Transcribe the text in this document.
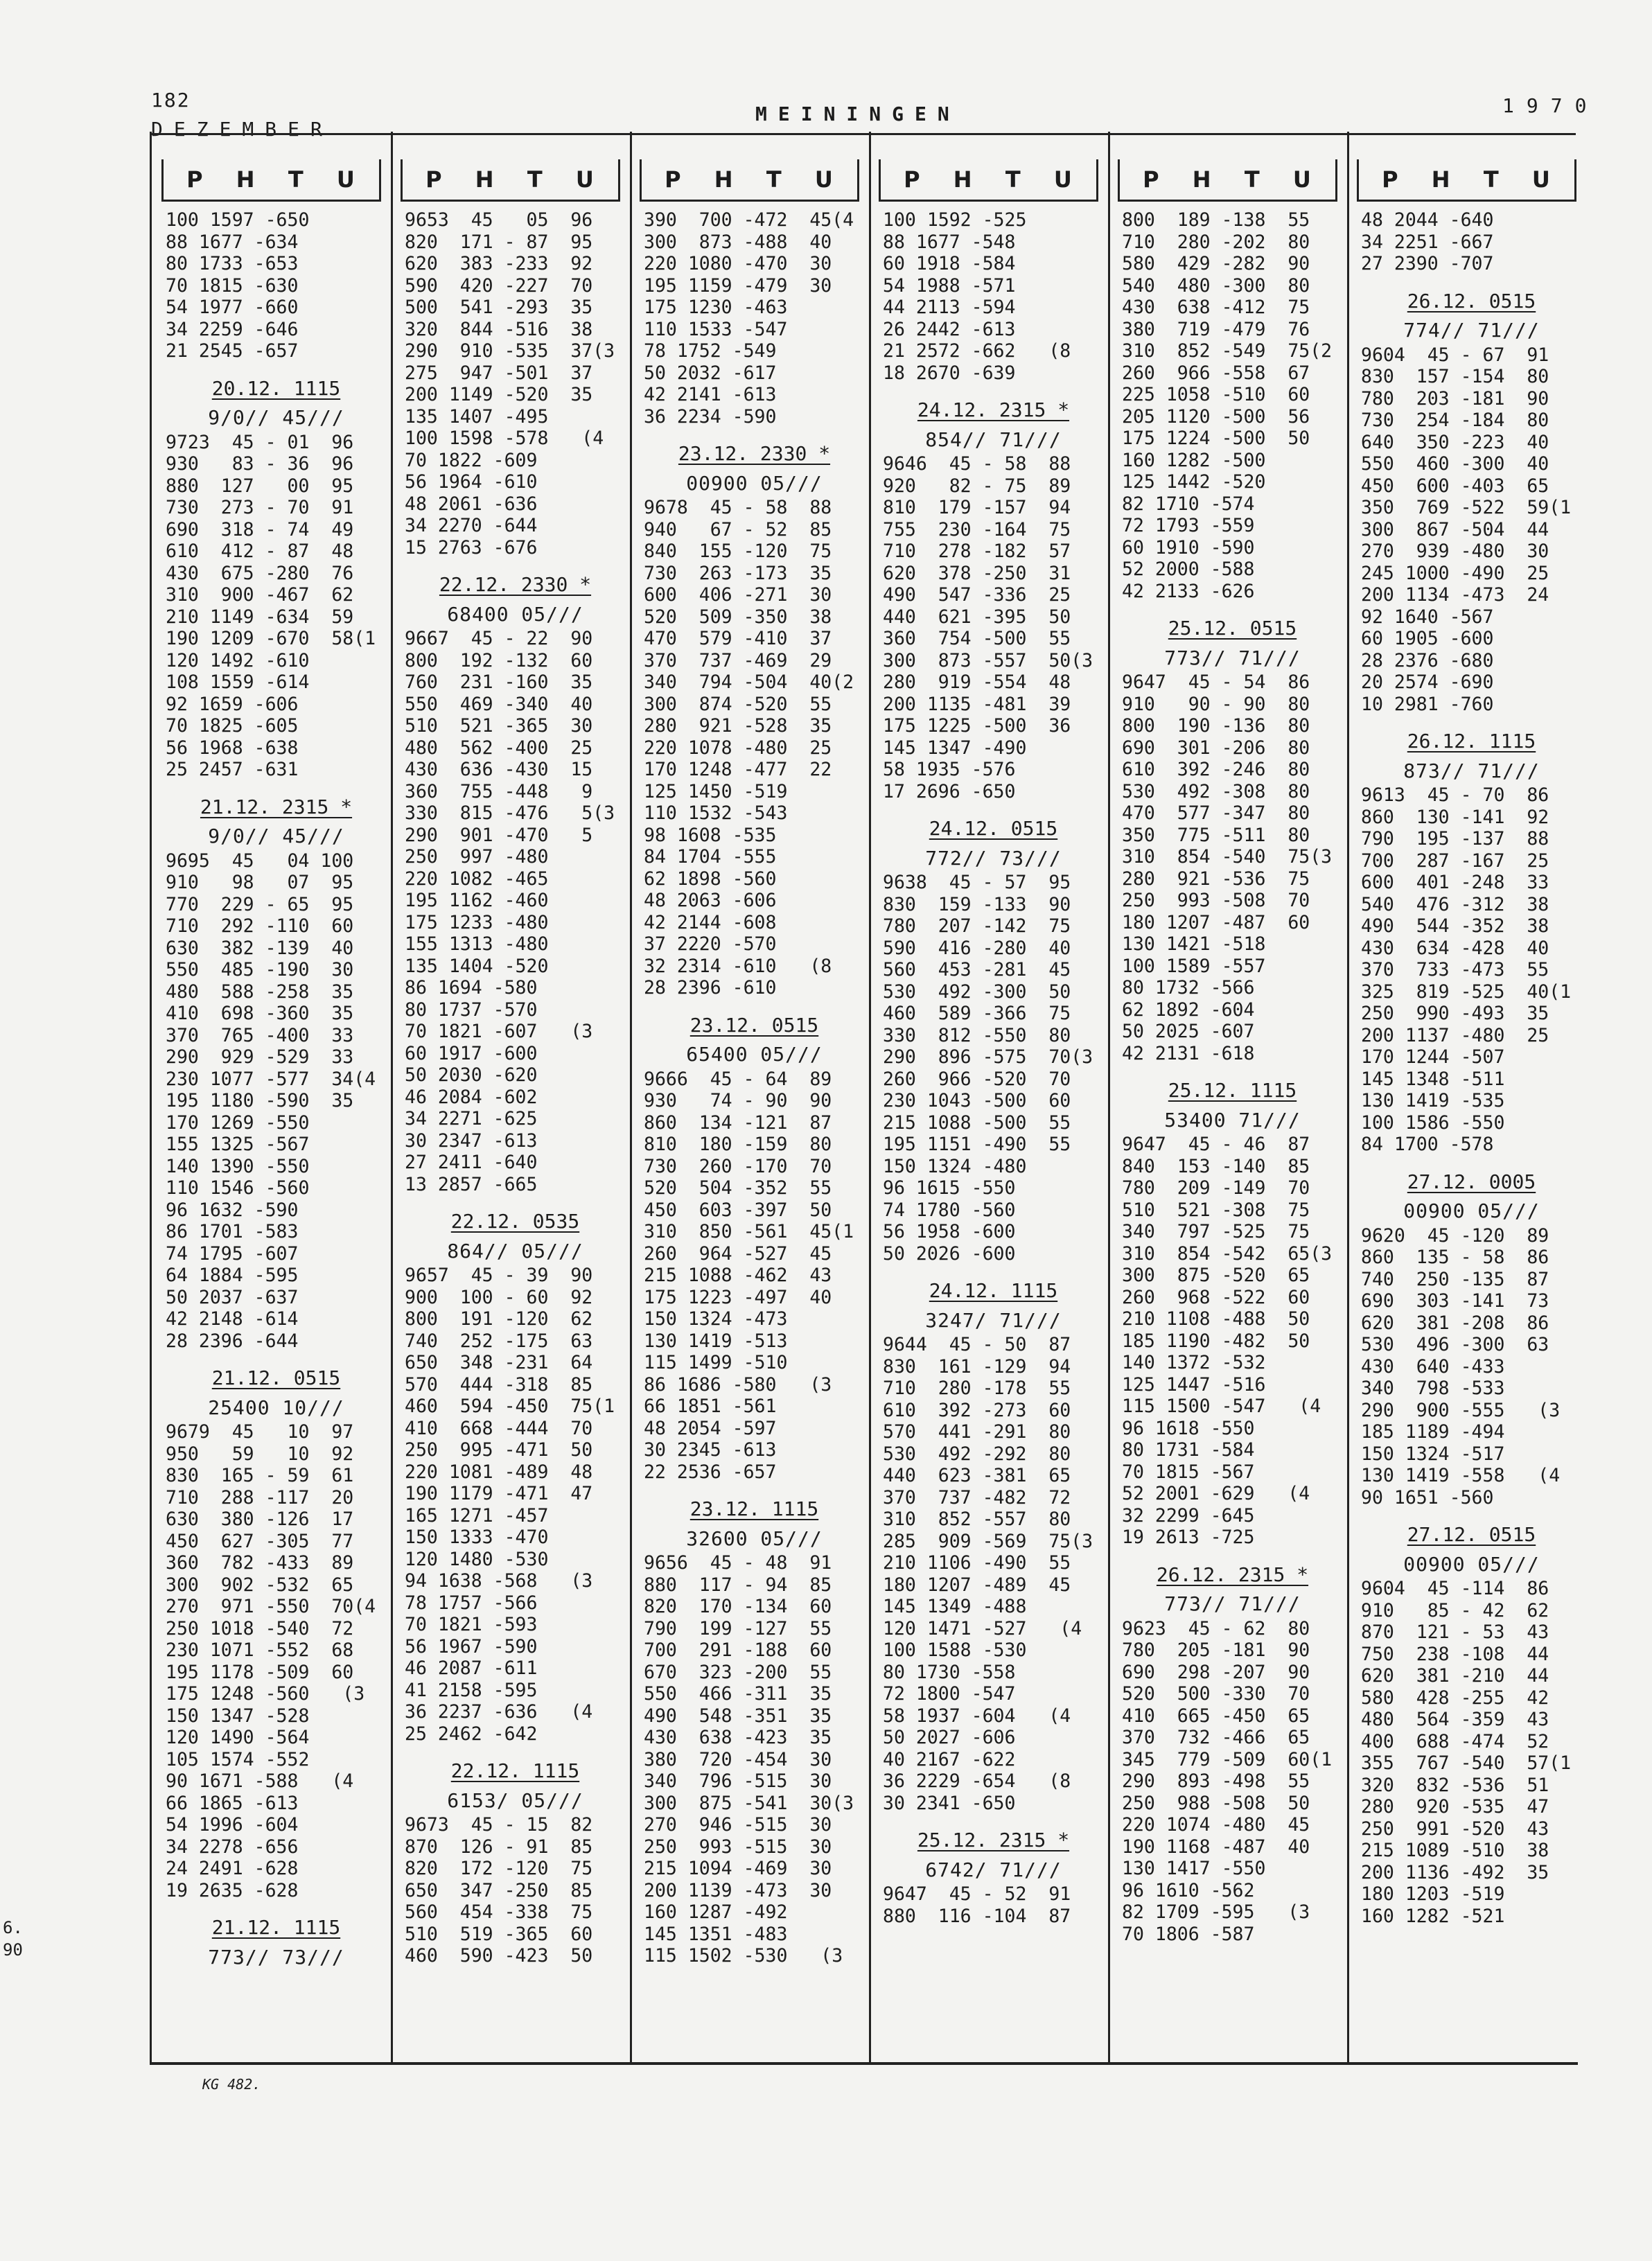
182
DEZEMBER
MEININGEN	1970
6.
90
P H T U
100 1597 -650
88 1677 -634
80 1733 -653
70 1815 -630
54 1977 -660
34 2259 -646
21 2545 -657
20.12. 1115
9/0// 45///
9723  45 - 01  96
930   83 - 36  96
880  127   00  95
730  273 - 70  91
690  318 - 74  49
610  412 - 87  48
430  675 -280  76
310  900 -467  62
210 1149 -634  59
190 1209 -670  58(1
120 1492 -610
108 1559 -614
92 1659 -606
70 1825 -605
56 1968 -638
25 2457 -631
21.12. 2315 *
9/0// 45///
9695  45   04 100
910   98   07  95
770  229 - 65  95
710  292 -110  60
630  382 -139  40
550  485 -190  30
480  588 -258  35
410  698 -360  35
370  765 -400  33
290  929 -529  33
230 1077 -577  34(4
195 1180 -590  35
170 1269 -550
155 1325 -567
140 1390 -550
110 1546 -560
96 1632 -590
86 1701 -583
74 1795 -607
64 1884 -595
50 2037 -637
42 2148 -614
28 2396 -644
21.12. 0515
25400 10///
9679  45   10  97
950   59   10  92
830  165 - 59  61
710  288 -117  20
630  380 -126  17
450  627 -305  77
360  782 -433  89
300  902 -532  65
270  971 -550  70(4
250 1018 -540  72
230 1071 -552  68
195 1178 -509  60
175 1248 -560   (3
150 1347 -528
120 1490 -564
105 1574 -552
90 1671 -588   (4
66 1865 -613
54 1996 -604
34 2278 -656
24 2491 -628
19 2635 -628
21.12. 1115
773// 73///
P H T U
9653  45   05  96
820  171 - 87  95
620  383 -233  92
590  420 -227  70
500  541 -293  35
320  844 -516  38
290  910 -535  37(3
275  947 -501  37
200 1149 -520  35
135 1407 -495
100 1598 -578   (4
70 1822 -609
56 1964 -610
48 2061 -636
34 2270 -644
15 2763 -676
22.12. 2330 *
68400 05///
9667  45 - 22  90
800  192 -132  60
760  231 -160  35
550  469 -340  40
510  521 -365  30
480  562 -400  25
430  636 -430  15
360  755 -448   9
330  815 -476   5(3
290  901 -470   5
250  997 -480
220 1082 -465
195 1162 -460
175 1233 -480
155 1313 -480
135 1404 -520
86 1694 -580
80 1737 -570
70 1821 -607   (3
60 1917 -600
50 2030 -620
46 2084 -602
34 2271 -625
30 2347 -613
27 2411 -640
13 2857 -665
22.12. 0535
864// 05///
9657  45 - 39  90
900  100 - 60  92
800  191 -120  62
740  252 -175  63
650  348 -231  64
570  444 -318  85
460  594 -450  75(1
410  668 -444  70
250  995 -471  50
220 1081 -489  48
190 1179 -471  47
165 1271 -457
150 1333 -470
120 1480 -530
94 1638 -568   (3
78 1757 -566
70 1821 -593
56 1967 -590
46 2087 -611
41 2158 -595
36 2237 -636   (4
25 2462 -642
22.12. 1115
6153/ 05///
9673  45 - 15  82
870  126 - 91  85
820  172 -120  75
650  347 -250  85
560  454 -338  75
510  519 -365  60
460  590 -423  50
P H T U
390  700 -472  45(4
300  873 -488  40
220 1080 -470  30
195 1159 -479  30
175 1230 -463
110 1533 -547
78 1752 -549
50 2032 -617
42 2141 -613
36 2234 -590
23.12. 2330 *
00900 05///
9678  45 - 58  88
940   67 - 52  85
840  155 -120  75
730  263 -173  35
600  406 -271  30
520  509 -350  38
470  579 -410  37
370  737 -469  29
340  794 -504  40(2
300  874 -520  55
280  921 -528  35
220 1078 -480  25
170 1248 -477  22
125 1450 -519
110 1532 -543
98 1608 -535
84 1704 -555
62 1898 -560
48 2063 -606
42 2144 -608
37 2220 -570
32 2314 -610   (8
28 2396 -610
23.12. 0515
65400 05///
9666  45 - 64  89
930   74 - 90  90
860  134 -121  87
810  180 -159  80
730  260 -170  70
520  504 -352  55
450  603 -397  50
310  850 -561  45(1
260  964 -527  45
215 1088 -462  43
175 1223 -497  40
150 1324 -473
130 1419 -513
115 1499 -510
86 1686 -580   (3
66 1851 -561
48 2054 -597
30 2345 -613
22 2536 -657
23.12. 1115
32600 05///
9656  45 - 48  91
880  117 - 94  85
820  170 -134  60
790  199 -127  55
700  291 -188  60
670  323 -200  55
550  466 -311  35
490  548 -351  35
430  638 -423  35
380  720 -454  30
340  796 -515  30
300  875 -541  30(3
270  946 -515  30
250  993 -515  30
215 1094 -469  30
200 1139 -473  30
160 1287 -492
145 1351 -483
115 1502 -530   (3
P H T U
100 1592 -525
88 1677 -548
60 1918 -584
54 1988 -571
44 2113 -594
26 2442 -613
21 2572 -662   (8
18 2670 -639
24.12. 2315 *
854// 71///
9646  45 - 58  88
920   82 - 75  89
810  179 -157  94
755  230 -164  75
710  278 -182  57
620  378 -250  31
490  547 -336  25
440  621 -395  50
360  754 -500  55
300  873 -557  50(3
280  919 -554  48
200 1135 -481  39
175 1225 -500  36
145 1347 -490
58 1935 -576
17 2696 -650
24.12. 0515
772// 73///
9638  45 - 57  95
830  159 -133  90
780  207 -142  75
590  416 -280  40
560  453 -281  45
530  492 -300  50
460  589 -366  75
330  812 -550  80
290  896 -575  70(3
260  966 -520  70
230 1043 -500  60
215 1088 -500  55
195 1151 -490  55
150 1324 -480
96 1615 -550
74 1780 -560
56 1958 -600
50 2026 -600
24.12. 1115
3247/ 71///
9644  45 - 50  87
830  161 -129  94
710  280 -178  55
610  392 -273  60
570  441 -291  80
530  492 -292  80
440  623 -381  65
370  737 -482  72
310  852 -557  80
285  909 -569  75(3
210 1106 -490  55
180 1207 -489  45
145 1349 -488
120 1471 -527   (4
100 1588 -530
80 1730 -558
72 1800 -547
58 1937 -604   (4
50 2027 -606
40 2167 -622
36 2229 -654   (8
30 2341 -650
25.12. 2315 *
6742/ 71///
9647  45 - 52  91
880  116 -104  87
P H T U
800  189 -138  55
710  280 -202  80
580  429 -282  90
540  480 -300  80
430  638 -412  75
380  719 -479  76
310  852 -549  75(2
260  966 -558  67
225 1058 -510  60
205 1120 -500  56
175 1224 -500  50
160 1282 -500
125 1442 -520
82 1710 -574
72 1793 -559
60 1910 -590
52 2000 -588
42 2133 -626
25.12. 0515
773// 71///
9647  45 - 54  86
910   90 - 90  80
800  190 -136  80
690  301 -206  80
610  392 -246  80
530  492 -308  80
470  577 -347  80
350  775 -511  80
310  854 -540  75(3
280  921 -536  75
250  993 -508  70
180 1207 -487  60
130 1421 -518
100 1589 -557
80 1732 -566
62 1892 -604
50 2025 -607
42 2131 -618
25.12. 1115
53400 71///
9647  45 - 46  87
840  153 -140  85
780  209 -149  70
510  521 -308  75
340  797 -525  75
310  854 -542  65(3
300  875 -520  65
260  968 -522  60
210 1108 -488  50
185 1190 -482  50
140 1372 -532
125 1447 -516
115 1500 -547   (4
96 1618 -550
80 1731 -584
70 1815 -567
52 2001 -629   (4
32 2299 -645
19 2613 -725
26.12. 2315 *
773// 71///
9623  45 - 62  80
780  205 -181  90
690  298 -207  90
520  500 -330  70
410  665 -450  65
370  732 -466  65
345  779 -509  60(1
290  893 -498  55
250  988 -508  50
220 1074 -480  45
190 1168 -487  40
130 1417 -550
96 1610 -562
82 1709 -595   (3
70 1806 -587
P H T U
48 2044 -640
34 2251 -667
27 2390 -707
26.12. 0515
774// 71///
9604  45 - 67  91
830  157 -154  80
780  203 -181  90
730  254 -184  80
640  350 -223  40
550  460 -300  40
450  600 -403  65
350  769 -522  59(1
300  867 -504  44
270  939 -480  30
245 1000 -490  25
200 1134 -473  24
92 1640 -567
60 1905 -600
28 2376 -680
20 2574 -690
10 2981 -760
26.12. 1115
873// 71///
9613  45 - 70  86
860  130 -141  92
790  195 -137  88
700  287 -167  25
600  401 -248  33
540  476 -312  38
490  544 -352  38
430  634 -428  40
370  733 -473  55
325  819 -525  40(1
250  990 -493  35
200 1137 -480  25
170 1244 -507
145 1348 -511
130 1419 -535
100 1586 -550
84 1700 -578
27.12. 0005
00900 05///
9620  45 -120  89
860  135 - 58  86
740  250 -135  87
690  303 -141  73
620  381 -208  86
530  496 -300  63
430  640 -433
340  798 -533
290  900 -555   (3
185 1189 -494
150 1324 -517
130 1419 -558   (4
90 1651 -560
27.12. 0515
00900 05///
9604  45 -114  86
910   85 - 42  62
870  121 - 53  43
750  238 -108  44
620  381 -210  44
580  428 -255  42
480  564 -359  43
400  688 -474  52
355  767 -540  57(1
320  832 -536  51
280  920 -535  47
250  991 -520  43
215 1089 -510  38
200 1136 -492  35
180 1203 -519
160 1282 -521
KG 482.
